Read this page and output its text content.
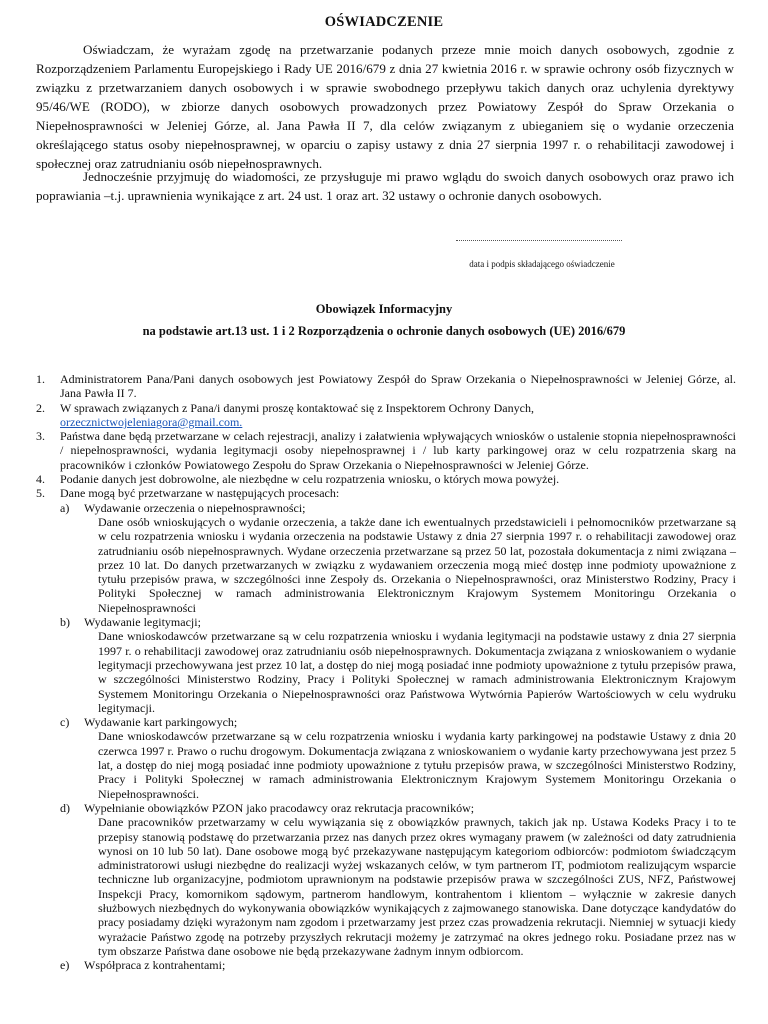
OŚWIADCZENIE
Oświadczam, że wyrażam zgodę na przetwarzanie podanych przeze mnie moich danych osobowych, zgodnie z Rozporządzeniem Parlamentu Europejskiego i Rady UE 2016/679 z dnia 27 kwietnia 2016 r. w sprawie ochrony osób fizycznych w związku z przetwarzaniem danych osobowych i w sprawie swobodnego przepływu takich danych oraz uchylenia dyrektywy 95/46/WE (RODO), w zbiorze danych osobowych prowadzonych przez Powiatowy Zespół do Spraw Orzekania o Niepełnosprawności w Jeleniej Górze, al. Jana Pawła II 7, dla celów związanym z ubieganiem się o wydanie orzeczenia określającego status osoby niepełnosprawnej, w oparciu o zapisy ustawy z dnia 27 sierpnia 1997 r. o rehabilitacji zawodowej i społecznej oraz zatrudnianiu osób niepełnosprawnych.
Jednocześnie przyjmuję do wiadomości, ze przysługuje mi prawo wglądu do swoich danych osobowych oraz prawo ich poprawiania –t.j. uprawnienia wynikające z art. 24 ust. 1 oraz art. 32 ustawy o ochronie danych osobowych.
data i podpis składającego oświadczenie
Obowiązek Informacyjny
na podstawie art.13 ust. 1 i 2 Rozporządzenia o ochronie danych osobowych (UE) 2016/679
1. Administratorem Pana/Pani danych osobowych jest Powiatowy Zespół do Spraw Orzekania o Niepełnosprawności w Jeleniej Górze, al. Jana Pawła II 7.
2. W sprawach związanych z Pana/i danymi proszę kontaktować się z Inspektorem Ochrony Danych,
orzecznictwojeleniagora@gmail.com.
3. Państwa dane będą przetwarzane w celach rejestracji, analizy i załatwienia wpływających wniosków o ustalenie stopnia niepełnosprawności / niepełnosprawności, wydania legitymacji osoby niepełnosprawnej i / lub karty parkingowej oraz w celu rozpatrzenia skarg na pracowników i członków Powiatowego Zespołu do Spraw Orzekania o Niepełnosprawności w Jeleniej Górze.
4. Podanie danych jest dobrowolne, ale niezbędne w celu rozpatrzenia wniosku, o których mowa powyżej.
5. Dane mogą być przetwarzane w następujących procesach:
a) Wydawanie orzeczenia o niepełnosprawności;
Dane osób wnioskujących o wydanie orzeczenia, a także dane ich ewentualnych przedstawicieli i pełnomocników przetwarzane są w celu rozpatrzenia wniosku i wydania orzeczenia na podstawie Ustawy z dnia 27 sierpnia 1997 r. o rehabilitacji zawodowej oraz zatrudnianiu osób niepełnosprawnych. Wydane orzeczenia przetwarzane są przez 50 lat, pozostała dokumentacja z nimi związana – przez 10 lat. Do danych przetwarzanych w związku z wydawaniem orzeczenia mogą mieć dostęp inne podmioty upoważnione z tytułu przepisów prawa, w szczególności inne Zespoły ds. Orzekania o Niepełnosprawności, oraz Ministerstwo Rodziny, Pracy i Polityki Społecznej w ramach administrowania Elektronicznym Krajowym Systemem Monitoringu Orzekania o Niepełnosprawności
b) Wydawanie legitymacji;
Dane wnioskodawców przetwarzane są w celu rozpatrzenia wniosku i wydania legitymacji na podstawie ustawy z dnia 27 sierpnia 1997 r. o rehabilitacji zawodowej oraz zatrudnianiu osób niepełnosprawnych. Dokumentacja związana z wnioskowaniem o wydanie legitymacji przechowywana jest przez 10 lat, a dostęp do niej mogą posiadać inne podmioty upoważnione z tytułu przepisów prawa, w szczególności Ministerstwo Rodziny, Pracy i Polityki Społecznej w ramach administrowania Elektronicznym Krajowym Systemem Monitoringu Orzekania o Niepełnosprawności oraz Państwowa Wytwórnia Papierów Wartościowych w celu wydruku legitymacji.
c) Wydawanie kart parkingowych;
Dane wnioskodawców przetwarzane są w celu rozpatrzenia wniosku i wydania karty parkingowej na podstawie Ustawy z dnia 20 czerwca 1997 r. Prawo o ruchu drogowym. Dokumentacja związana z wnioskowaniem o wydanie karty przechowywana jest przez 5 lat, a dostęp do niej mogą posiadać inne podmioty upoważnione z tytułu przepisów prawa, w szczególności Ministerstwo Rodziny, Pracy i Polityki Społecznej w ramach administrowania Elektronicznym Krajowym Systemem Monitoringu Orzekania o Niepełnosprawności.
d) Wypełnianie obowiązków PZON jako pracodawcy oraz rekrutacja pracowników;
Dane pracowników przetwarzamy w celu wywiązania się z obowiązków prawnych, takich jak np. Ustawa Kodeks Pracy i to te przepisy stanowią podstawę do przetwarzania przez nas danych przez okres wymagany prawem (w zależności od daty zatrudnienia wynosi on 10 lub 50 lat). Dane osobowe mogą być przekazywane następującym kategoriom odbiorców: podmiotom świadczącym administratorowi usługi niezbędne do realizacji wyżej wskazanych celów, w tym partnerom IT, podmiotom realizującym wsparcie techniczne lub organizacyjne, podmiotom uprawnionym na podstawie przepisów prawa w szczególności ZUS, NFZ, Państwowej Inspekcji Pracy, komornikom sądowym, partnerom handlowym, kontrahentom i klientom – wyłącznie w zakresie danych służbowych niezbędnych do wykonywania obowiązków wynikających z zajmowanego stanowiska. Dane dotyczące kandydatów do pracy posiadamy dzięki wyrażonym nam zgodom i przetwarzamy jest przez czas prowadzenia rekrutacji. Niemniej w sytuacji kiedy wyrażacie Państwo zgodę na potrzeby przyszłych rekrutacji możemy je zatrzymać na okres jednego roku. Posiadane przez nas w tym obszarze Państwa dane osobowe nie będą przekazywane żadnym innym odbiorcom.
e) Współpraca z kontrahentami;
